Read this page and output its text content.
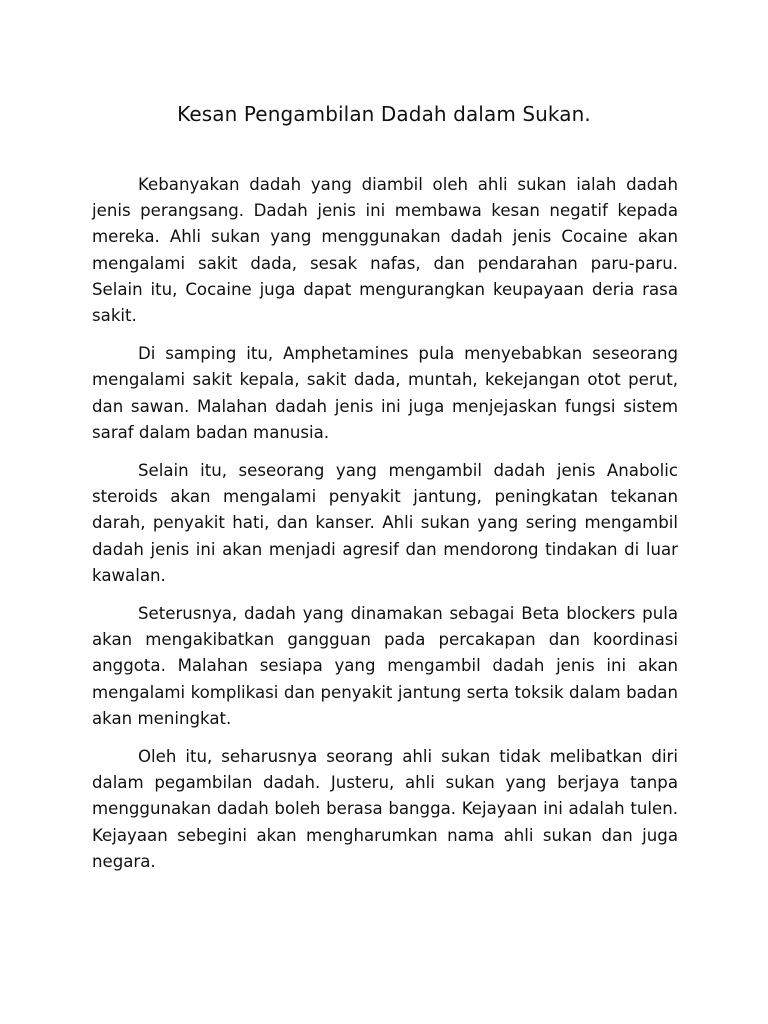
Kesan Pengambilan Dadah dalam Sukan.

Kebanyakan dadah yang diambil oleh ahli sukan ialah dadah jenis perangsang. Dadah jenis ini membawa kesan negatif kepada mereka. Ahli sukan yang menggunakan dadah jenis Cocaine akan mengalami sakit dada, sesak nafas, dan pendarahan paru-paru. Selain itu, Cocaine juga dapat mengurangkan keupayaan deria rasa sakit.

Di samping itu, Amphetamines pula menyebabkan seseorang mengalami sakit kepala, sakit dada, muntah, kekejangan otot perut, dan sawan. Malahan dadah jenis ini juga menjejaskan fungsi sistem saraf dalam badan manusia.

Selain itu, seseorang yang mengambil dadah jenis Anabolic steroids akan mengalami penyakit jantung, peningkatan tekanan darah, penyakit hati, dan kanser. Ahli sukan yang sering mengambil dadah jenis ini akan menjadi agresif dan mendorong tindakan di luar kawalan.

Seterusnya, dadah yang dinamakan sebagai Beta blockers pula akan mengakibatkan gangguan pada percakapan dan koordinasi anggota. Malahan sesiapa yang mengambil dadah jenis ini akan mengalami komplikasi dan penyakit jantung serta toksik dalam badan akan meningkat.

Oleh itu, seharusnya seorang ahli sukan tidak melibatkan diri dalam pegambilan dadah. Justeru, ahli sukan yang berjaya tanpa menggunakan dadah boleh berasa bangga. Kejayaan ini adalah tulen. Kejayaan sebegini akan mengharumkan nama ahli sukan dan juga negara.
